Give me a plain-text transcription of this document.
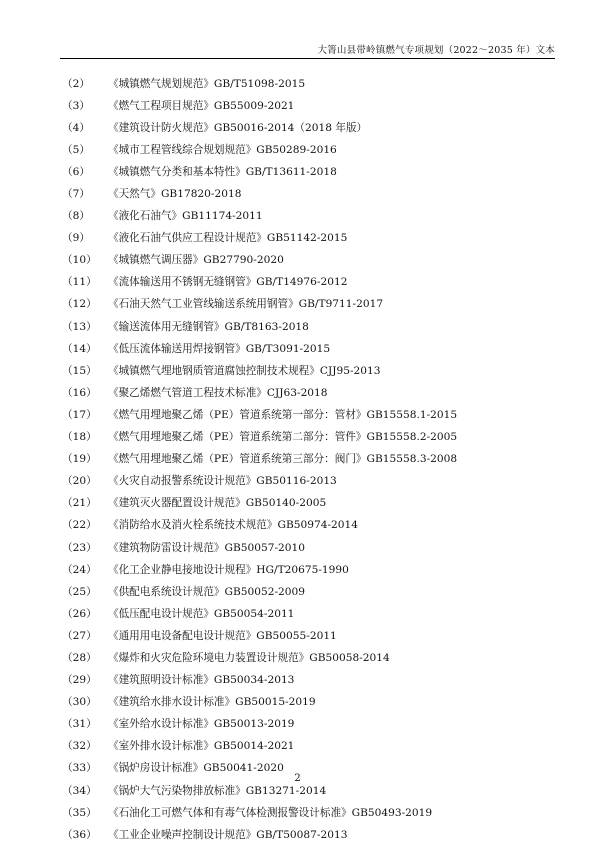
大箐山县带岭镇燃气专项规划（2022～2035 年）文本
（2）	《城镇燃气规划规范》GB/T51098-2015
（3）	《燃气工程项目规范》GB55009-2021
（4）	《建筑设计防火规范》GB50016-2014（2018 年版）
（5）	《城市工程管线综合规划规范》GB50289-2016
（6）	《城镇燃气分类和基本特性》GB/T13611-2018
（7）	《天然气》GB17820-2018
（8）	《液化石油气》GB11174-2011
（9）	《液化石油气供应工程设计规范》GB51142-2015
（10）	《城镇燃气调压器》GB27790-2020
（11）	《流体输送用不锈钢无缝钢管》GB/T14976-2012
（12）	《石油天然气工业管线输送系统用钢管》GB/T9711-2017
（13）	《输送流体用无缝钢管》GB/T8163-2018
（14）	《低压流体输送用焊接钢管》GB/T3091-2015
（15）	《城镇燃气埋地钢质管道腐蚀控制技术规程》CJJ95-2013
（16）	《聚乙烯燃气管道工程技术标准》CJJ63-2018
（17）	《燃气用埋地聚乙烯（PE）管道系统第一部分：管材》GB15558.1-2015
（18）	《燃气用埋地聚乙烯（PE）管道系统第二部分：管件》GB15558.2-2005
（19）	《燃气用埋地聚乙烯（PE）管道系统第三部分：阀门》GB15558.3-2008
（20）	《火灾自动报警系统设计规范》GB50116-2013
（21）	《建筑灭火器配置设计规范》GB50140-2005
（22）	《消防给水及消火栓系统技术规范》GB50974-2014
（23）	《建筑物防雷设计规范》GB50057-2010
（24）	《化工企业静电接地设计规程》HG/T20675-1990
（25）	《供配电系统设计规范》GB50052-2009
（26）	《低压配电设计规范》GB50054-2011
（27）	《通用用电设备配电设计规范》GB50055-2011
（28）	《爆炸和火灾危险环境电力装置设计规范》GB50058-2014
（29）	《建筑照明设计标准》GB50034-2013
（30）	《建筑给水排水设计标准》GB50015-2019
（31）	《室外给水设计标准》GB50013-2019
（32）	《室外排水设计标准》GB50014-2021
（33）	《锅炉房设计标准》GB50041-2020
（34）	《锅炉大气污染物排放标准》GB13271-2014
（35）	《石油化工可燃气体和有毒气体检测报警设计标准》GB50493-2019
（36）	《工业企业噪声控制设计规范》GB/T50087-2013
2
